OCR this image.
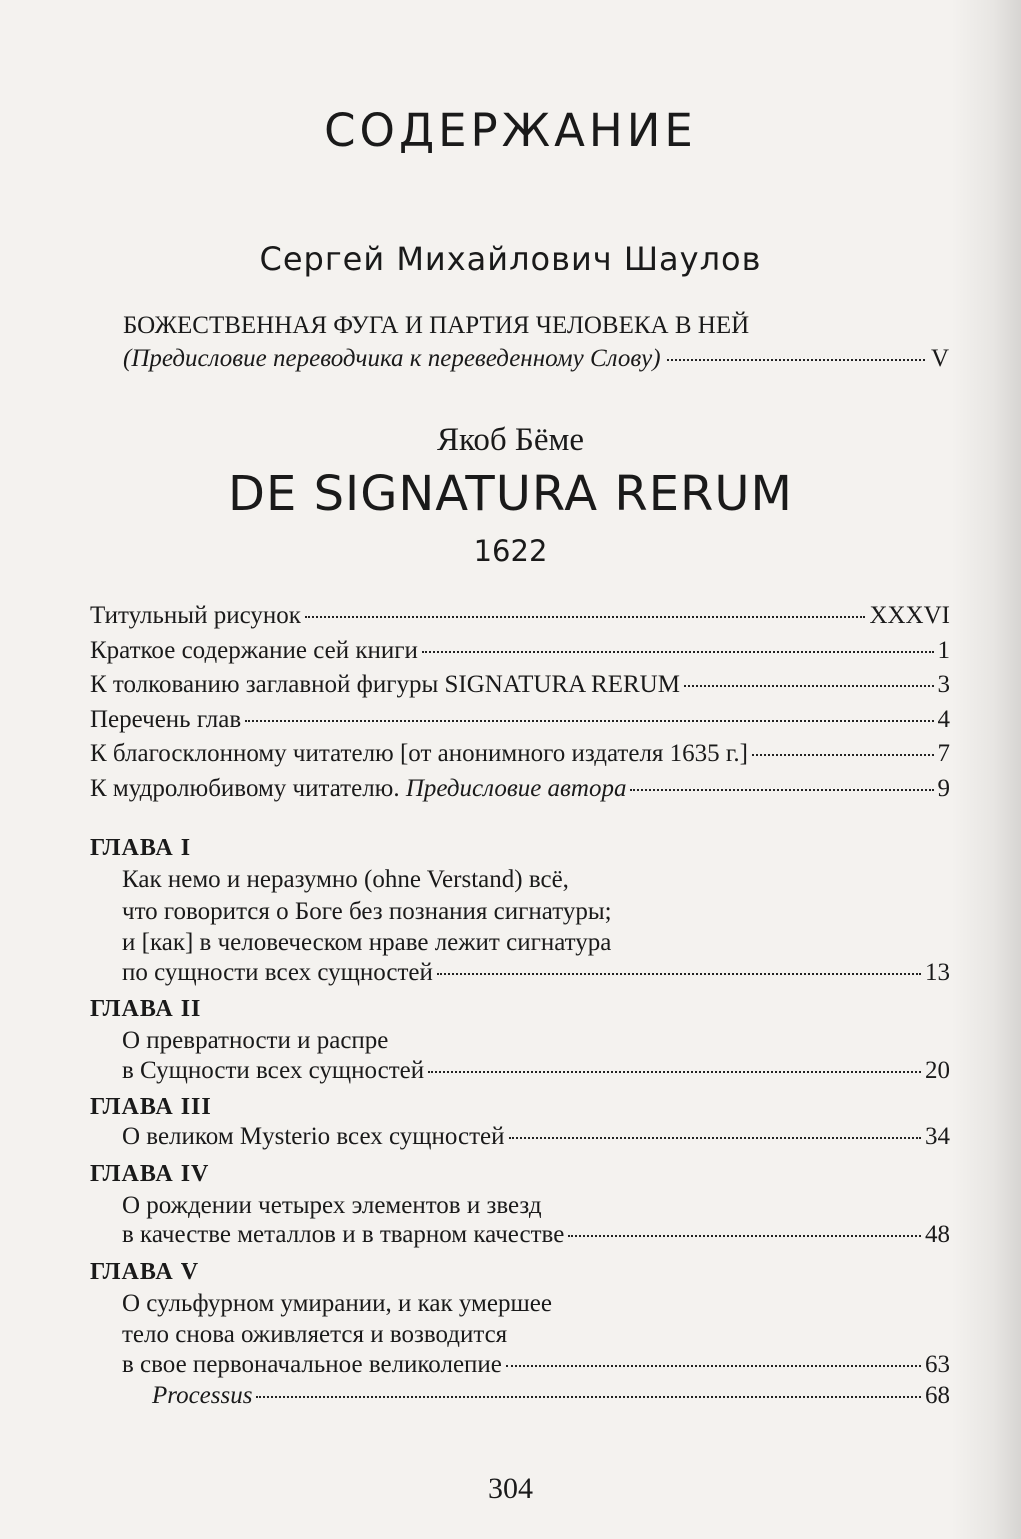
СОДЕРЖАНИЕ
Сергей Михайлович Шаулов
БОЖЕСТВЕННАЯ ФУГА И ПАРТИЯ ЧЕЛОВЕКА В НЕЙ
(Предисловие переводчика к переведенному Слову)	V
Якоб Бёме
DE SIGNATURA RERUM
1622
Титульный рисунок	XXXVI
Краткое содержание сей книги	1
К толкованию заглавной фигуры SIGNATURA RERUM	3
Перечень глав	4
К благосклонному читателю [от анонимного издателя 1635 г.]	7
К мудролюбивому читателю. Предисловие автора	9
ГЛАВА I
Как немо и неразумно (ohne Verstand) всё,
что говорится о Боге без познания сигнатуры;
и [как] в человеческом нраве лежит сигнатура
по сущности всех сущностей	13
ГЛАВА II
О превратности и распре
в Сущности всех сущностей	20
ГЛАВА III
О великом Mysterio всех сущностей	34
ГЛАВА IV
О рождении четырех элементов и звезд
в качестве металлов и в тварном качестве	48
ГЛАВА V
О сульфурном умирании, и как умершее
тело снова оживляется и возводится
в свое первоначальное великолепие	63
Processus	68
304
